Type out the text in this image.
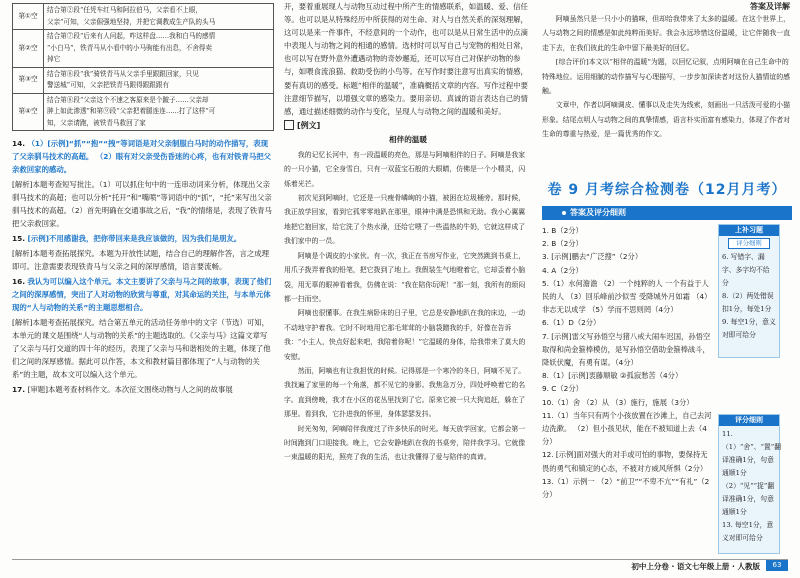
答案及详解
第①空	结合第②段“任凭车红马和阿拉伯马，父亲看不上眼，
父亲”可知，父亲倔强地坚持，并把它调教成生产队的头马

第②空	结合第⑦段“后来有人问起，咋这样盘……我和白马的感情
“小白马”，铁青马从小看中的小马驹能有出息，不舍得卖
掉它

第③空	结合第⑧段“我”骑铁青马从父亲手里跟跟回家，只见
警送城”可知，父亲把铁青马跟得跟跟跟有

第④空	结合第⑧段“父亲这个不速之客原来是个跛子……父亲却
肿上如此渗透”和第⑨段“父亲把着腿连连……打了这样”可
知，父亲请跑，被铁青马救回了家
14. （1）[示例]“抓”“抱”“拽”等词语是对父亲制服白马时的动作描写，表现了父亲驯马技术的高超。 （2）眼有对父亲受伤昏迷的心疼，也有对铁青马把父亲救回家的感动。
[解析]本题考查短写批注。（1）可以抓住句中的一连串动词来分析，体现出父亲驯马技术的高超；也可以分析“托开”和“嘴喷”等词语中的“抓”，“托”来写出父亲驯马技术的高超。（2）首先明确在交通事故之后，“我”的情绪是，表现了铁青马把父亲救回家。
15. [示例]不用感谢我，把你带回来是我应该做的，因为我们是朋友。
[解析]本题考查拓展探究。本题为开放性试题，结合自己的理解作答，言之成理即可。注意需要表现铁青马与父亲之间的深厚感情，语言要流畅。
16. 我认为可以编入这个单元。本文主要讲了父亲与马之间的故事，表现了他们之间的深厚感情，突出了人对动物的欣赏与尊重，对其命运的关注，与本单元体现的“人与动物的关系”的主题思想相合。
[解析]本题考查拓展探究。结合第五单元的活动任务单中的文字（节选）可知，本单元的课文是围绕“人与动物的关系”的主题选取的。《父亲与马》这篇文章写了父亲与马打交道的四十年的经历，表现了父亲与马和谐相处的主题，体现了他们之间的深厚感情。据此可以作答，本文和教材篇目都体现了“人与动物的关系”的主题，故本文可以编入这个单元。
17. [审题]本题考查材料作文。本次征文围绕动物与人之间的故事展
开，要着重展现人与动物互动过程中所产生的情感联系，如温暖、爱、信任等。也可以是从特殊经历中所获得的对生命、对人与自然关系的深刻理解，这可以是来一件事件，不经意间的一个动作，也可以是从日常生活中的点滴中表现人与动物之间的相通的感情。选材时可以写自己与宠物的相处日常，也可以写在野外意外遭遇动物的奇妙邂逅，还可以写自己对保护动物的参与，如喂食流浪猫、救助受伤的小鸟等。在写作时要注意写出真实的情感，要有真切的感受。标题“相伴的温暖”，准确概括文章的内容。写作过程中要注意细节描写，以增强文章的感染力。要用亲切、真诚的语言表达自己的情感，通过描述细微的动作与变化，呈现人与动物之间的温暖和美好。
[例文]
相伴的温暖

我的记忆长河中，有一段温暖的亮色，那是与阿嘀相伴的日子。阿嘀是我家的一只小猫，它全身雪白，只有一双蓝宝石般的大眼睛，仿佛是一个小精灵，闪烁着光芒。

初次见到阿嘀时，它还是一只瘦骨嶙峋的小猫，被困在垃圾桶旁。那时候，我正放学回家，看到它孤零零地趴在那里，眼神中满是恐惧和无助。我小心翼翼地把它抱回家，给它洗了个热水澡，还给它喂了一些温热的牛奶，它就这样成了我们家中的一员。

阿嘀是个调皮的小家伙。有一次，我正在书房写作业，它突然跳到书桌上，用爪子拨弄着我的铅笔，把它拨到了地上。我假装生气地瞪着它，它却歪着小脑袋，用无辜的眼神看着我，仿佛在说：“我在陪你玩呢！”那一刻，我所有的烦闷都一扫而空。

阿嘀也很懂事。在我生病卧床的日子里，它总是安静地趴在我的床边，一动不动地守护着我。它时不时地用它那毛茸茸的小脑袋蹭我的手，好像在告诉我：“小主人，快点好起来吧，我陪着你呢！”它温暖的身体，给我带来了莫大的安慰。

然而，阿嘀也有让我担忧的时候。记得那是一个寒冷的冬日，阿嘀不见了。我找遍了家里的每一个角落，都不见它的身影。我焦急万分，四处呼唤着它的名字。直到傍晚，我才在小区的花丛里找到了它。原来它被一只大狗追赶，躲在了那里。看到我，它扑进我的怀里，身体瑟瑟发抖。

时光匆匆，阿嘀陪伴我度过了许多快乐的时光。每天放学回家，它都会第一时间跑到门口迎接我。晚上，它会安静地趴在我的书桌旁，陪伴我学习。它就像一束温暖的阳光，照亮了我的生活，也让我懂得了爱与陪伴的真谛。

阿嘀虽然只是一只小小的猫咪，但却给我带来了太多的温暖。在这个世界上，人与动物之间的情感是如此纯粹而美好。我会永远珍惜这份温暖，让它伴随我一直走下去，在我们彼此的生命中留下最美好的回忆。

[综合评价]本文以“相伴的温暖”为题，以回忆记叙，点明阿嘀在自己生命中的特殊地位。运用细腻的动作描写与心理描写，一步步加深读者对这份人猫情谊的感触。

文章中，作者以阿嘀调皮、懂事以及走失为线索，刻画出一只活泼可爱的小猫形象。结尾点明人与动物之间的真挚情感，语言朴实而富有感染力，体现了作者对生命的尊重与热爱，是一篇优秀的作文。

卷 9 月考综合检测卷（12月月考）
答案及评分细则
1. B（2分）
2. B（2分）
3. [示例]鹏去“广泛搜”（2分）
4. A（2分）
5.（1）水何澹澹 （2）一个纯粹的人 一个有益于人民的人 （3）回乐峰前沙似雪 受降城外月如霜 （4）非志无以成学 （5）学而不思则罔（4分）
6.（1）D（2分）
7. [示例]雷父写孙悟空与猪八戒大闹车迟国，孙悟空取得和尚金箍棒模仿，是写孙悟空借助金箍棒战斗，降妖伏魔，有勇有谋。（4分）
8.（1）[示例]衷藤顺敏 ②孤寂愁苦（4分）
9. C（2分）
10.（1）舍 （2）从 （3）施行，施展（3分）
11.（1）当年只有两个小孩放置在沙滩上，自己去河边洗漱。 （2）但小孩见状，能在不被知道上去（4分）
12. [示例]面对强大的对手或可怕的事物，要保持无畏的勇气和镇定的心态，不被对方威风所惧（2分）
13.（1）示例一 （2）“前卫”“不卑不亢”“有礼”（2分）
上补习题
评分细则
6. 写错字、漏字、多字均不给分
8.（2）两处错误扣1分，每处1分
9. 每空1分，意义对即可给分
评分细则
11.（1）“舍”、“置”翻译准确1分，句意通顺1分
（2）“见”“捉”翻译准确1分，句意通顺1分
13. 每空1分，意义对即可给分
初中上分卷 · 语文七年级上册 · 人教版	63
